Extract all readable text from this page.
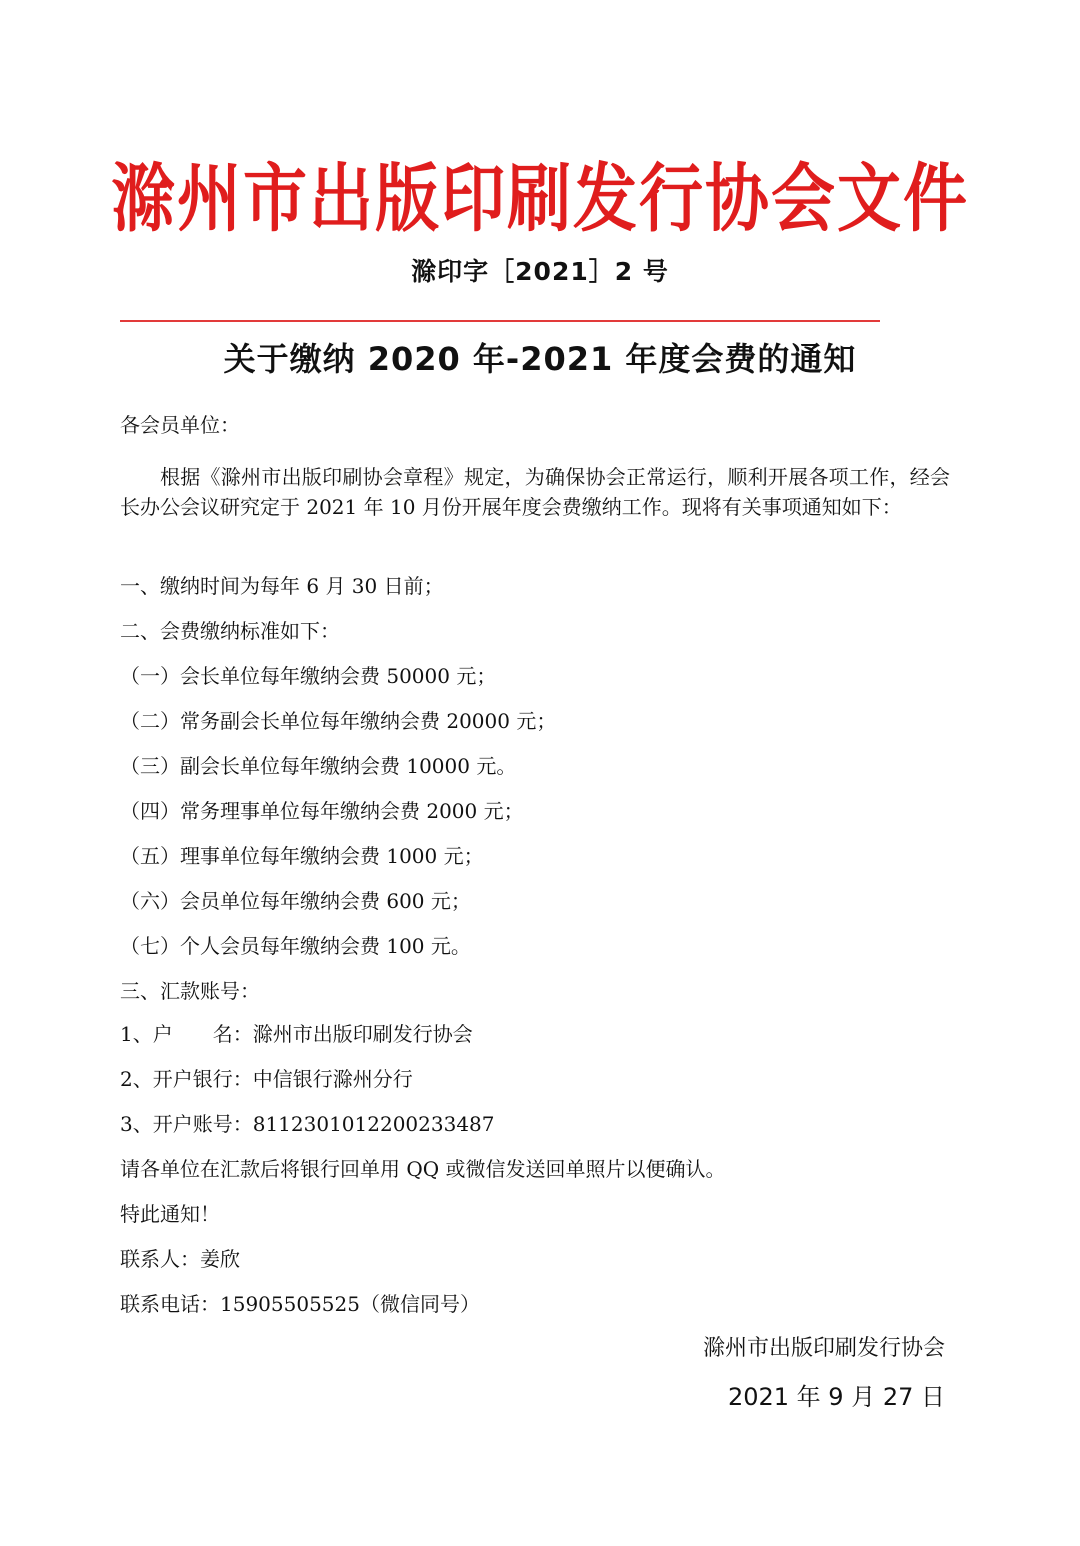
滁州市出版印刷发行协会文件
滁印字［2021］2 号
关于缴纳 2020 年-2021 年度会费的通知
各会员单位：
根据《滁州市出版印刷协会章程》规定，为确保协会正常运行，顺利开展各项工作，经会长办公会议研究定于 2021 年 10 月份开展年度会费缴纳工作。现将有关事项通知如下：
一、缴纳时间为每年 6 月 30 日前；
二、会费缴纳标准如下：
（一）会长单位每年缴纳会费 50000 元；
（二）常务副会长单位每年缴纳会费 20000 元；
（三）副会长单位每年缴纳会费 10000 元。
（四）常务理事单位每年缴纳会费 2000 元；
（五）理事单位每年缴纳会费 1000 元；
（六）会员单位每年缴纳会费 600 元；
（七）个人会员每年缴纳会费 100 元。
三、汇款账号：
1、户　　名：滁州市出版印刷发行协会
2、开户银行：中信银行滁州分行
3、开户账号：8112301012200233487
请各单位在汇款后将银行回单用 QQ 或微信发送回单照片以便确认。
特此通知！
联系人：姜欣
联系电话：15905505525（微信同号）
滁州市出版印刷发行协会
2021 年 9 月 27 日
